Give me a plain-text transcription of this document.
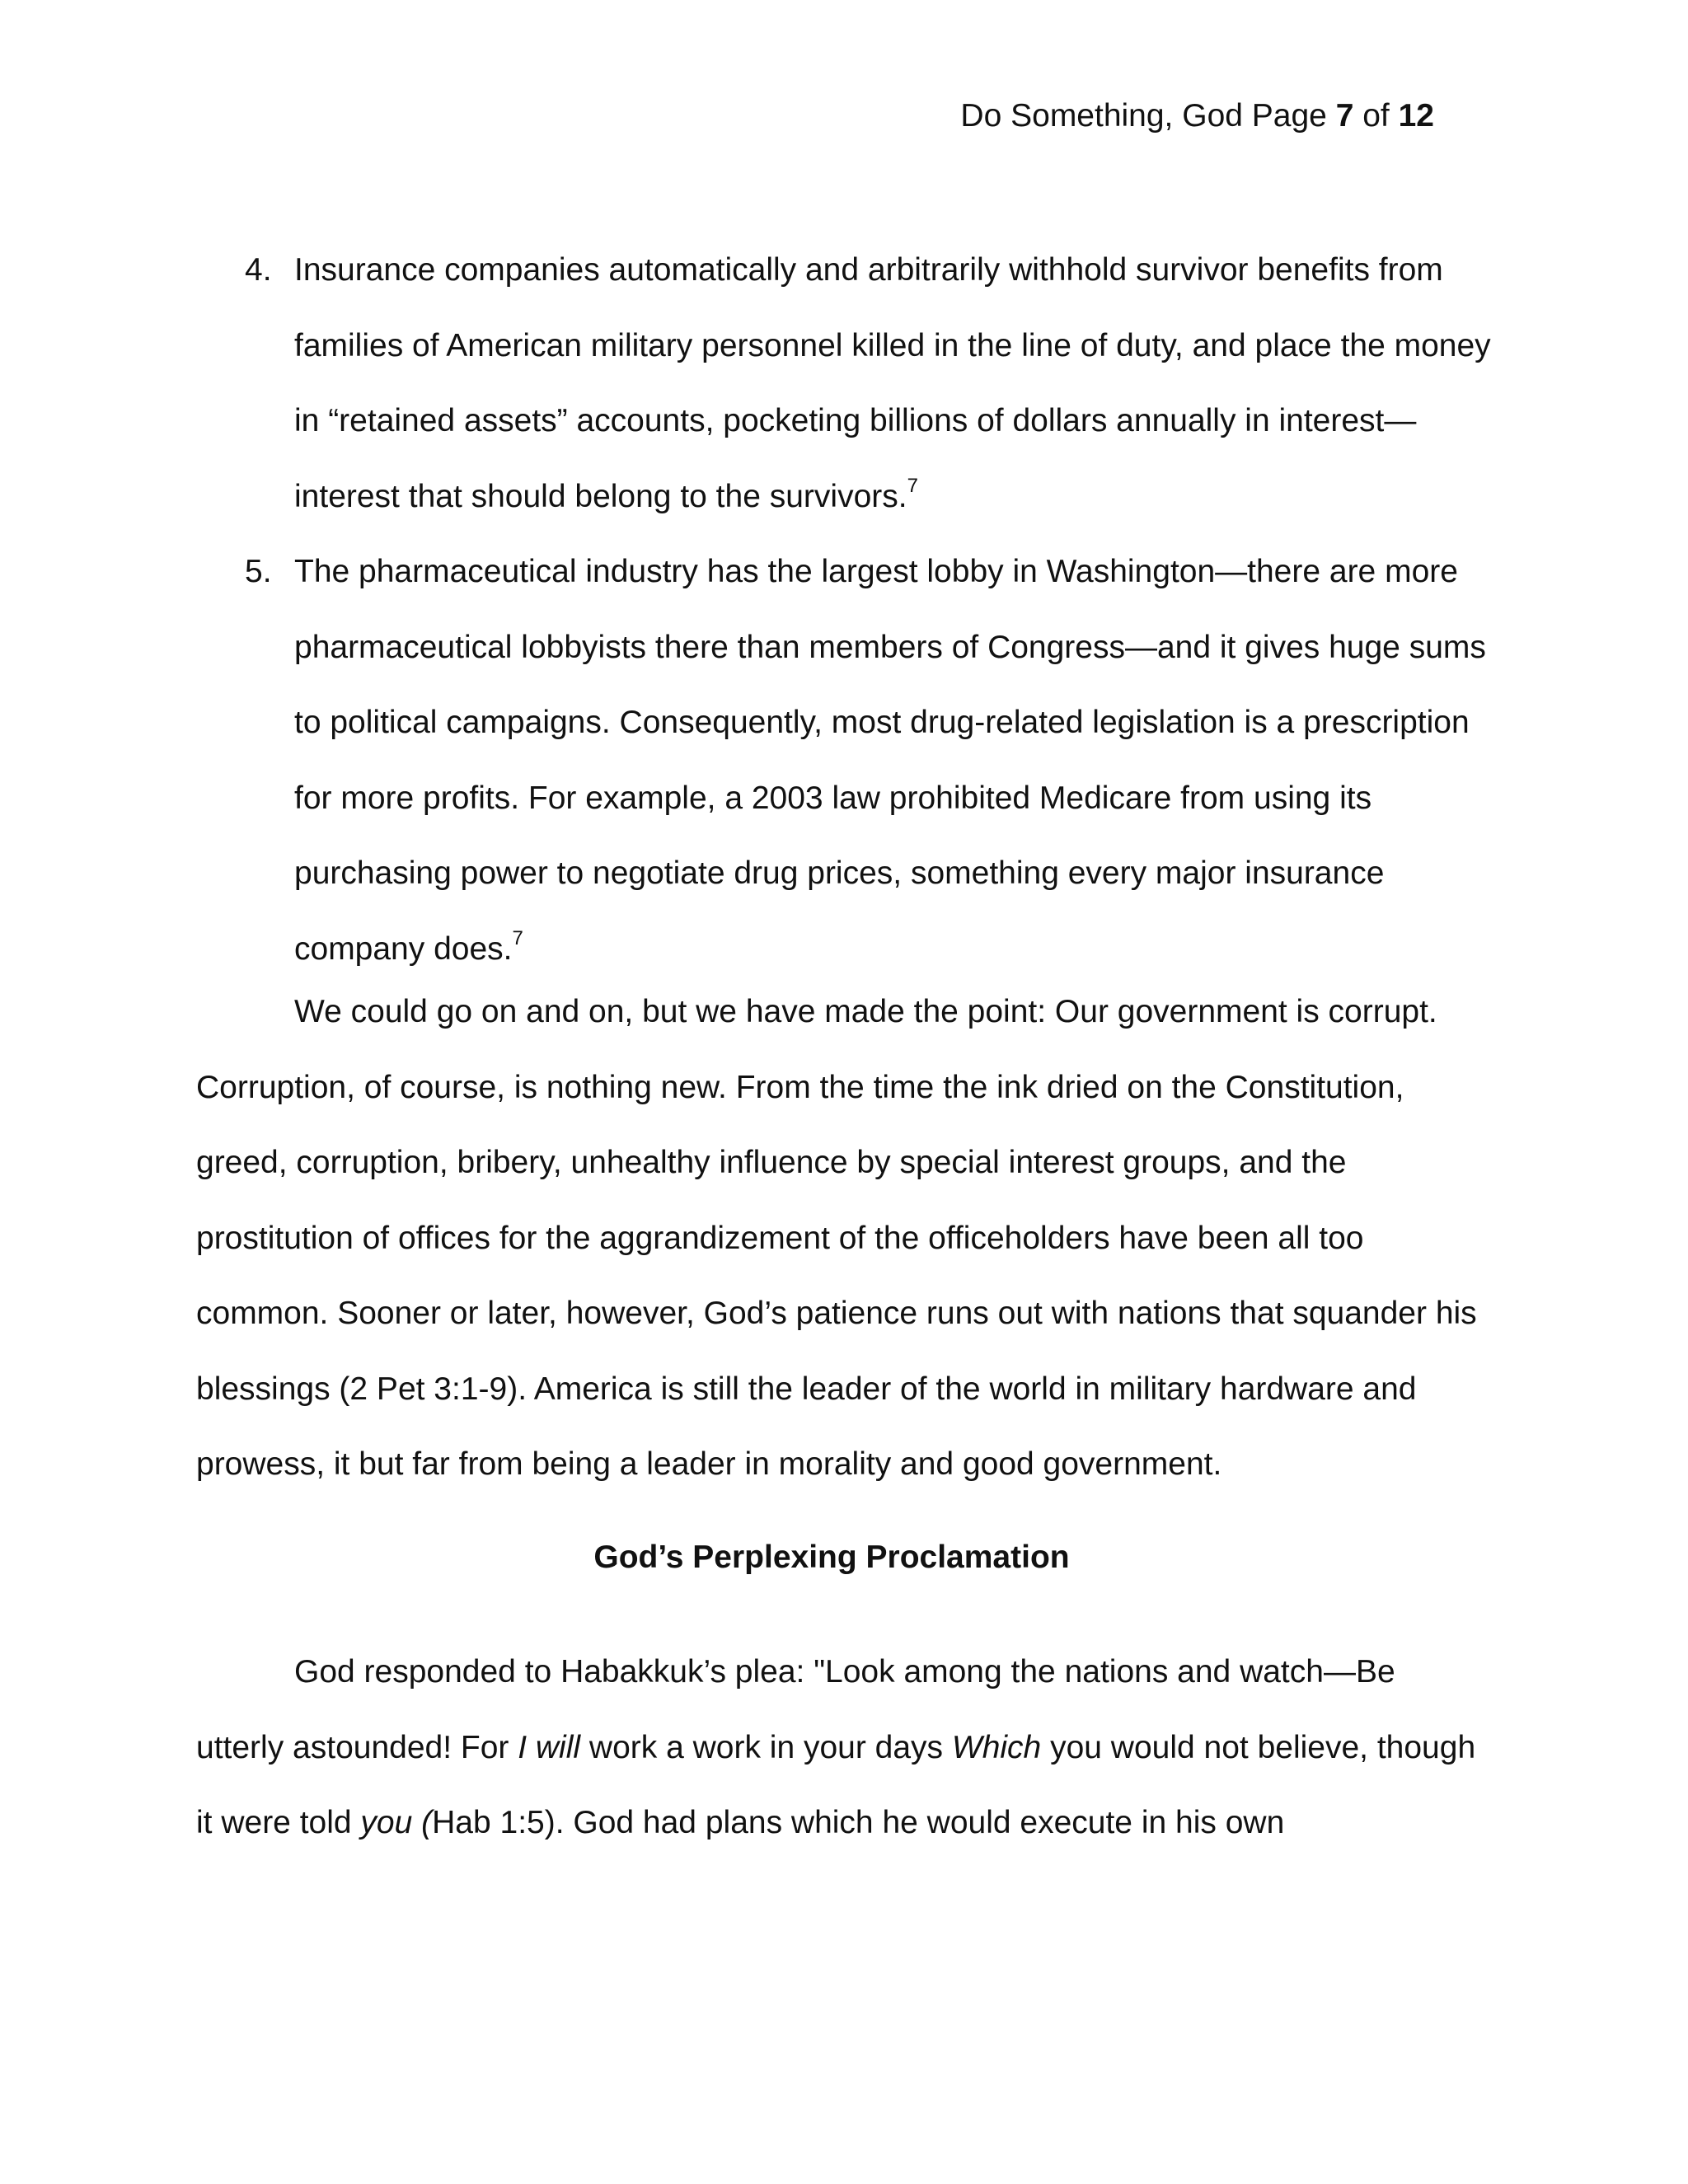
Do Something, God Page 7 of 12
4. Insurance companies automatically and arbitrarily withhold survivor benefits from families of American military personnel killed in the line of duty, and place the money in “retained assets” accounts, pocketing billions of dollars annually in interest—interest that should belong to the survivors.$^7$
5. The pharmaceutical industry has the largest lobby in Washington—there are more pharmaceutical lobbyists there than members of Congress—and it gives huge sums to political campaigns. Consequently, most drug-related legislation is a prescription for more profits. For example, a 2003 law prohibited Medicare from using its purchasing power to negotiate drug prices, something every major insurance company does.$^7$

We could go on and on, but we have made the point: Our government is corrupt. Corruption, of course, is nothing new. From the time the ink dried on the Constitution, greed, corruption, bribery, unhealthy influence by special interest groups, and the prostitution of offices for the aggrandizement of the officeholders have been all too common. Sooner or later, however, God’s patience runs out with nations that squander his blessings (2 Pet 3:1-9). America is still the leader of the world in military hardware and prowess, it but far from being a leader in morality and good government.

God’s Perplexing Proclamation

God responded to Habakkuk’s plea: "Look among the nations and watch—Be utterly astounded! For I will work a work in your days Which you would not believe, though it were told you (Hab 1:5). God had plans which he would execute in his own
